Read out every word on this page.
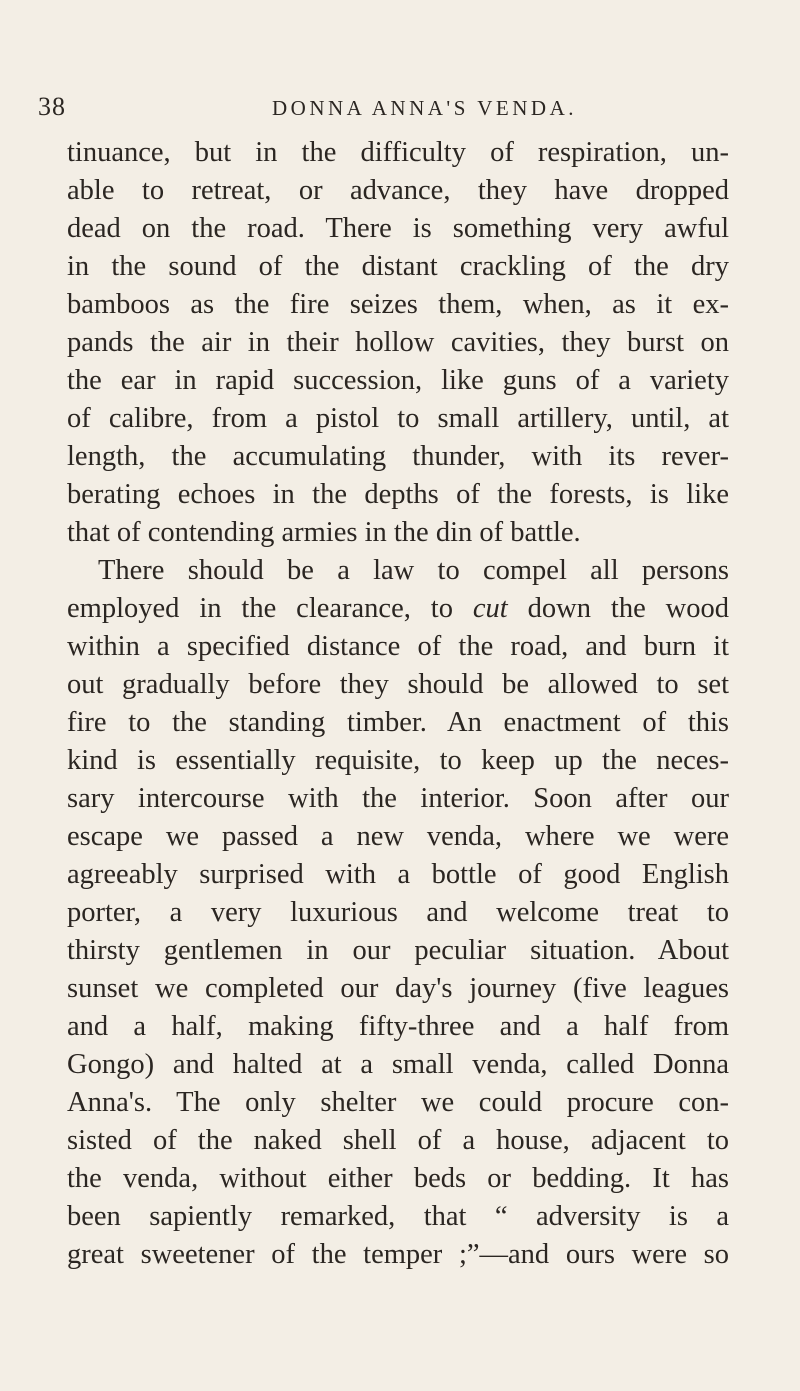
38	DONNA ANNA'S VENDA.
tinuance, but in the difficulty of respiration, un-
able to retreat, or advance, they have dropped
dead on the road. There is something very awful
in the sound of the distant crackling of the dry
bamboos as the fire seizes them, when, as it ex-
pands the air in their hollow cavities, they burst on
the ear in rapid succession, like guns of a variety
of calibre, from a pistol to small artillery, until, at
length, the accumulating thunder, with its rever-
berating echoes in the depths of the forests, is like
that of contending armies in the din of battle.
There should be a law to compel all persons
employed in the clearance, to cut down the wood
within a specified distance of the road, and burn it
out gradually before they should be allowed to set
fire to the standing timber. An enactment of this
kind is essentially requisite, to keep up the neces-
sary intercourse with the interior. Soon after our
escape we passed a new venda, where we were
agreeably surprised with a bottle of good English
porter, a very luxurious and welcome treat to
thirsty gentlemen in our peculiar situation. About
sunset we completed our day's journey (five leagues
and a half, making fifty-three and a half from
Gongo) and halted at a small venda, called Donna
Anna's. The only shelter we could procure con-
sisted of the naked shell of a house, adjacent to
the venda, without either beds or bedding. It has
been sapiently remarked, that “ adversity is a
great sweetener of the temper ;”—and ours were so
